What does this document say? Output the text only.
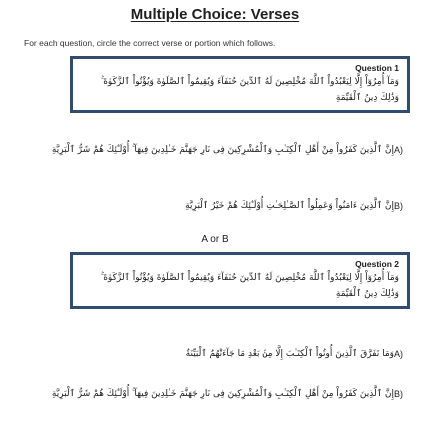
Multiple Choice: Verses
For each question, circle the correct verse or portion which follows.
Question 1
وَمَآ أُمِرُوٓاْ إِلَّا لِيَعْبُدُواْ ٱللَّهَ مُخْلِصِينَ لَهُ ٱلدِّينَ حُنَفَآءَ وَيُقِيمُواْ ٱلصَّلَوٰةَ وَيُؤْتُواْ ٱلزَّكَوٰةَ ۚ وَذَٰلِكَ دِينُ ٱلْقَيِّمَةِ
A)
إِنَّ ٱلَّذِينَ كَفَرُواْ مِنْ أَهْلِ ٱلْكِتَـٰبِ وَٱلْمُشْرِكِينَ فِى نَارِ جَهَنَّمَ خَـٰلِدِينَ فِيهَآ ۚ أُوْلَـٰٓئِكَ هُمْ شَرُّ ٱلْبَرِيَّةِ
B)
إِنَّ ٱلَّذِينَ ءَامَنُواْ وَعَمِلُواْ ٱلصَّـٰلِحَـٰتِ أُوْلَـٰٓئِكَ هُمْ خَيْرُ ٱلْبَرِيَّةِ
A or B
Question 2
وَمَآ أُمِرُوٓاْ إِلَّا لِيَعْبُدُواْ ٱللَّهَ مُخْلِصِينَ لَهُ ٱلدِّينَ حُنَفَآءَ وَيُقِيمُواْ ٱلصَّلَوٰةَ وَيُؤْتُواْ ٱلزَّكَوٰةَ ۚ وَذَٰلِكَ دِينُ ٱلْقَيِّمَةِ
A)
وَمَا تَفَرَّقَ ٱلَّذِينَ أُوتُواْ ٱلْكِتَـٰبَ إِلَّا مِنۢ بَعْدِ مَا جَآءَتْهُمُ ٱلْبَيِّنَةُ
B)
إِنَّ ٱلَّذِينَ كَفَرُواْ مِنْ أَهْلِ ٱلْكِتَـٰبِ وَٱلْمُشْرِكِينَ فِى نَارِ جَهَنَّمَ خَـٰلِدِينَ فِيهَآ ۚ أُوْلَـٰٓئِكَ هُمْ شَرُّ ٱلْبَرِيَّةِ
